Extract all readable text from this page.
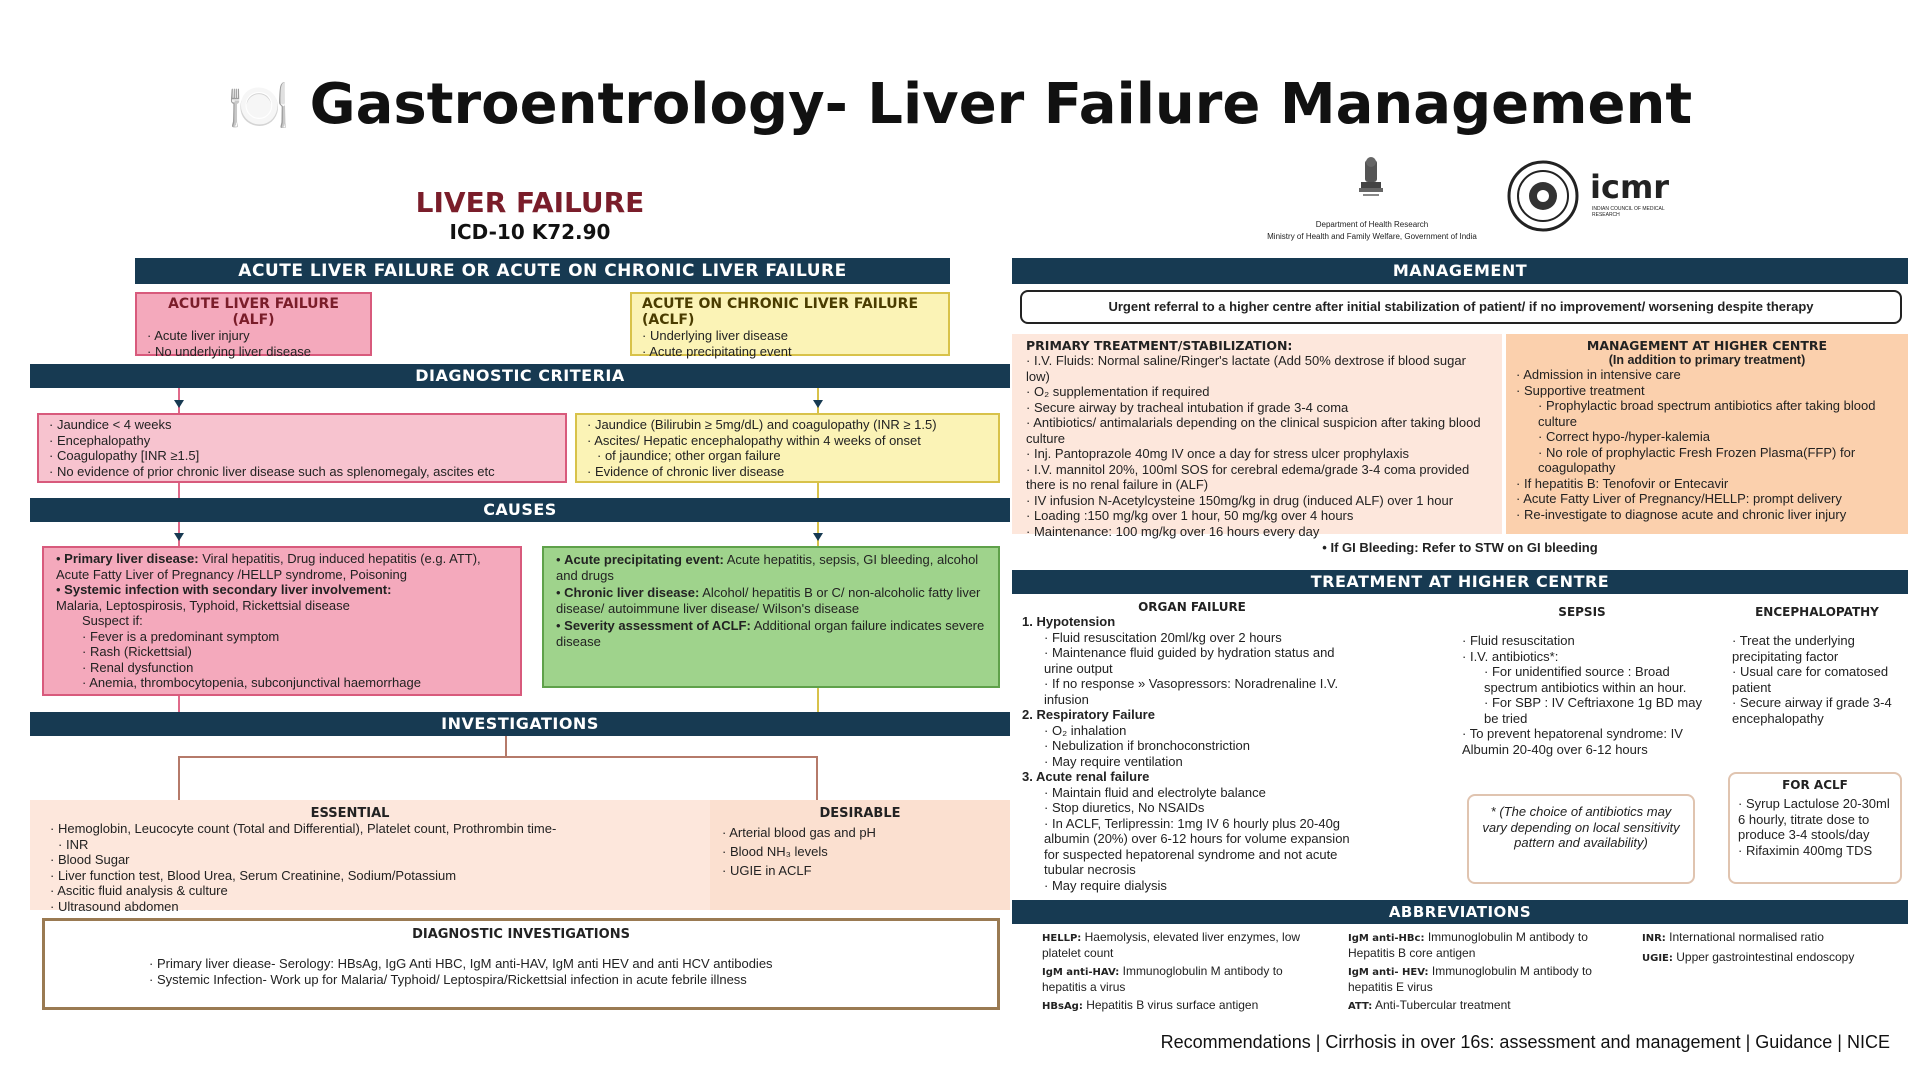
🍽️ Gastroentrology- Liver Failure Management
LIVER FAILURE
ICD-10 K72.90
ACUTE LIVER FAILURE OR ACUTE ON CHRONIC LIVER FAILURE
ACUTE LIVER FAILURE (ALF)
· Acute liver injury
· No underlying liver disease
ACUTE ON CHRONIC LIVER FAILURE (ACLF)
· Underlying liver disease
· Acute precipitating event
DIAGNOSTIC CRITERIA
· Jaundice < 4 weeks
· Encephalopathy
· Coagulopathy [INR ≥1.5]
· No evidence of prior chronic liver disease such as splenomegaly, ascites etc
· Jaundice (Bilirubin ≥ 5mg/dL) and coagulopathy (INR ≥ 1.5)
· Ascites/ Hepatic encephalopathy within 4 weeks of onset
· of jaundice; other organ failure
· Evidence of chronic liver disease
CAUSES
• Primary liver disease: Viral hepatitis, Drug induced hepatitis (e.g. ATT), Acute Fatty Liver of Pregnancy /HELLP syndrome, Poisoning
• Systemic infection with secondary liver involvement:
Malaria, Leptospirosis, Typhoid, Rickettsial disease
Suspect if:
· Fever is a predominant symptom
· Rash (Rickettsial)
· Renal dysfunction
· Anemia, thrombocytopenia, subconjunctival haemorrhage
• Acute precipitating event: Acute hepatitis, sepsis, GI bleeding, alcohol and drugs
• Chronic liver disease: Alcohol/ hepatitis B or C/ non-alcoholic fatty liver disease/ autoimmune liver disease/ Wilson's disease
• Severity assessment of ACLF: Additional organ failure indicates severe disease
INVESTIGATIONS
ESSENTIAL
· Hemoglobin, Leucocyte count (Total and Differential), Platelet count, Prothrombin time-
· INR
· Blood Sugar
· Liver function test, Blood Urea, Serum Creatinine, Sodium/Potassium
· Ascitic fluid analysis & culture
· Ultrasound abdomen
DESIRABLE
· Arterial blood gas and pH
· Blood NH₃ levels
· UGIE in ACLF
DIAGNOSTIC INVESTIGATIONS
· Primary liver diease- Serology: HBsAg, IgG Anti HBC, IgM anti-HAV, IgM anti HEV and anti HCV antibodies
· Systemic Infection- Work up for Malaria/ Typhoid/ Leptospira/Rickettsial infection in acute febrile illness
Department of Health Research
Ministry of Health and Family Welfare, Government of India
icmr
INDIAN COUNCIL OF MEDICAL RESEARCH
MANAGEMENT
Urgent referral to a higher centre after initial stabilization of patient/ if no improvement/ worsening despite therapy
PRIMARY TREATMENT/STABILIZATION:
· I.V. Fluids: Normal saline/Ringer's lactate (Add 50% dextrose if blood sugar low)
· O₂ supplementation if required
· Secure airway by tracheal intubation if grade 3-4 coma
· Antibiotics/ antimalarials depending on the clinical suspicion after taking blood culture
· Inj. Pantoprazole 40mg IV once a day for stress ulcer prophylaxis
· I.V. mannitol 20%, 100ml SOS for cerebral edema/grade 3-4 coma provided there is no renal failure in (ALF)
· IV infusion N-Acetylcysteine 150mg/kg in drug (induced ALF) over 1 hour
· Loading :150 mg/kg over 1 hour, 50 mg/kg over 4 hours
· Maintenance: 100 mg/kg over 16 hours every day
MANAGEMENT AT HIGHER CENTRE
(In addition to primary treatment)
· Admission in intensive care
· Supportive treatment
· Prophylactic broad spectrum antibiotics after taking blood culture
· Correct hypo-/hyper-kalemia
· No role of prophylactic Fresh Frozen Plasma(FFP) for coagulopathy
· If hepatitis B: Tenofovir or Entecavir
· Acute Fatty Liver of Pregnancy/HELLP: prompt delivery
· Re-investigate to diagnose acute and chronic liver injury
• If GI Bleeding: Refer to STW on GI bleeding
TREATMENT AT HIGHER CENTRE
ORGAN FAILURE
1. Hypotension
· Fluid resuscitation 20ml/kg over 2 hours
· Maintenance fluid guided by hydration status and urine output
· If no response » Vasopressors: Noradrenaline I.V. infusion
2. Respiratory Failure
· O₂ inhalation
· Nebulization if bronchoconstriction
· May require ventilation
3. Acute renal failure
· Maintain fluid and electrolyte balance
· Stop diuretics, No NSAIDs
· In ACLF, Terlipressin: 1mg IV 6 hourly plus 20-40g albumin (20%) over 6-12 hours for volume expansion for suspected hepatorenal syndrome and not acute tubular necrosis
· May require dialysis
SEPSIS
· Fluid resuscitation
· I.V. antibiotics*:
· For unidentified source : Broad spectrum antibiotics within an hour.
· For SBP : IV Ceftriaxone 1g BD may be tried
· To prevent hepatorenal syndrome: IV Albumin 20-40g over 6-12 hours
* (The choice of antibiotics may vary depending on local sensitivity pattern and availability)
ENCEPHALOPATHY
· Treat the underlying precipitating factor
· Usual care for comatosed patient
· Secure airway if grade 3-4 encephalopathy
FOR ACLF
· Syrup Lactulose 20-30ml 6 hourly, titrate dose to produce 3-4 stools/day
· Rifaximin 400mg TDS
ABBREVIATIONS
HELLP: Haemolysis, elevated liver enzymes, low platelet count
IgM anti-HAV: Immunoglobulin M antibody to hepatitis a virus
HBsAg: Hepatitis B virus surface antigen
IgM anti-HBc: Immunoglobulin M antibody to Hepatitis B core antigen
IgM anti- HEV: Immunoglobulin M antibody to hepatitis E virus
ATT: Anti-Tubercular treatment
INR: International normalised ratio
UGIE: Upper gastrointestinal endoscopy
Recommendations | Cirrhosis in over 16s: assessment and management | Guidance | NICE
